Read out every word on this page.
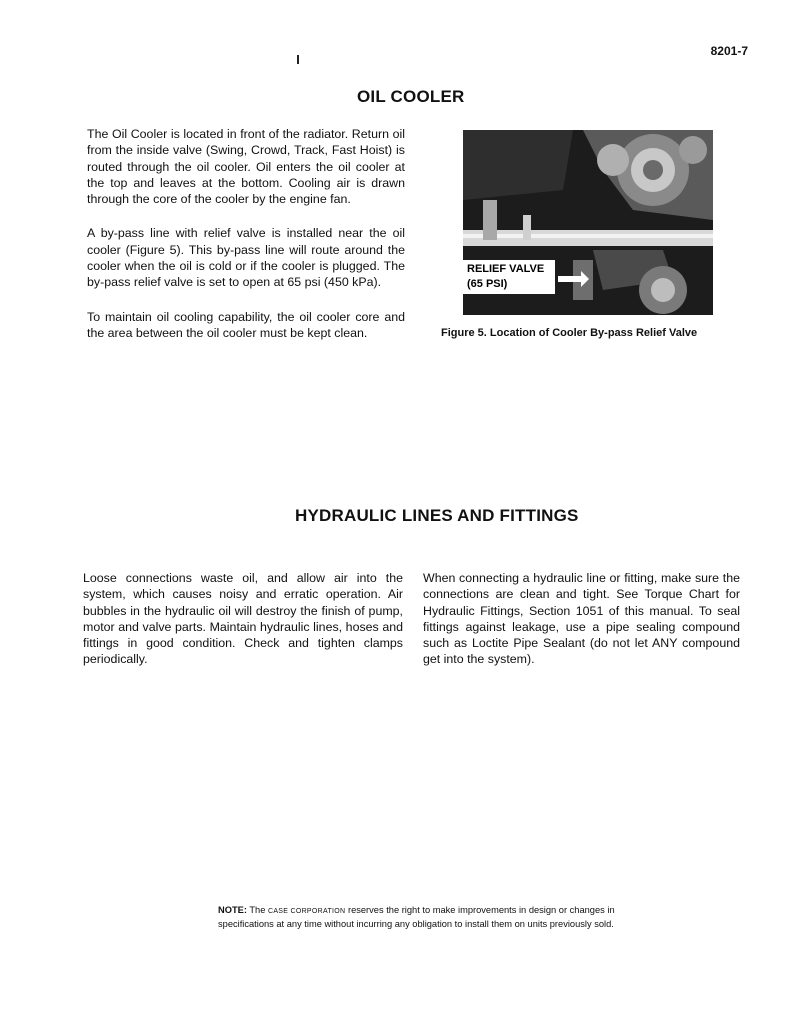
8201-7
OIL COOLER

The Oil Cooler is located in front of the radiator. Return oil from the inside valve (Swing, Crowd, Track, Fast Hoist) is routed through the oil cooler. Oil enters the oil cooler at the top and leaves at the bottom. Cooling air is drawn through the core of the cooler by the engine fan.

A by-pass line with relief valve is installed near the oil cooler (Figure 5). This by-pass line will route around the cooler when the oil is cold or if the cooler is plugged. The by-pass relief valve is set to open at 65 psi (450 kPa).

To maintain oil cooling capability, the oil cooler core and the area between the oil cooler must be kept clean.

RELIEF VALVE
(65 PSI)
Figure 5. Location of Cooler By-pass Relief Valve
HYDRAULIC LINES AND FITTINGS

Loose connections waste oil, and allow air into the system, which causes noisy and erratic operation. Air bubbles in the hydraulic oil will destroy the finish of pump, motor and valve parts. Maintain hydraulic lines, hoses and fittings in good condition. Check and tighten clamps periodically.

When connecting a hydraulic line or fitting, make sure the connections are clean and tight. See Torque Chart for Hydraulic Fittings, Section 1051 of this manual. To seal fittings against leakage, use a pipe sealing compound such as Loctite Pipe Sealant (do not let ANY compound get into the system).

NOTE: The CASE CORPORATION reserves the right to make improvements in design or changes in specifications at any time without incurring any obligation to install them on units previously sold.
